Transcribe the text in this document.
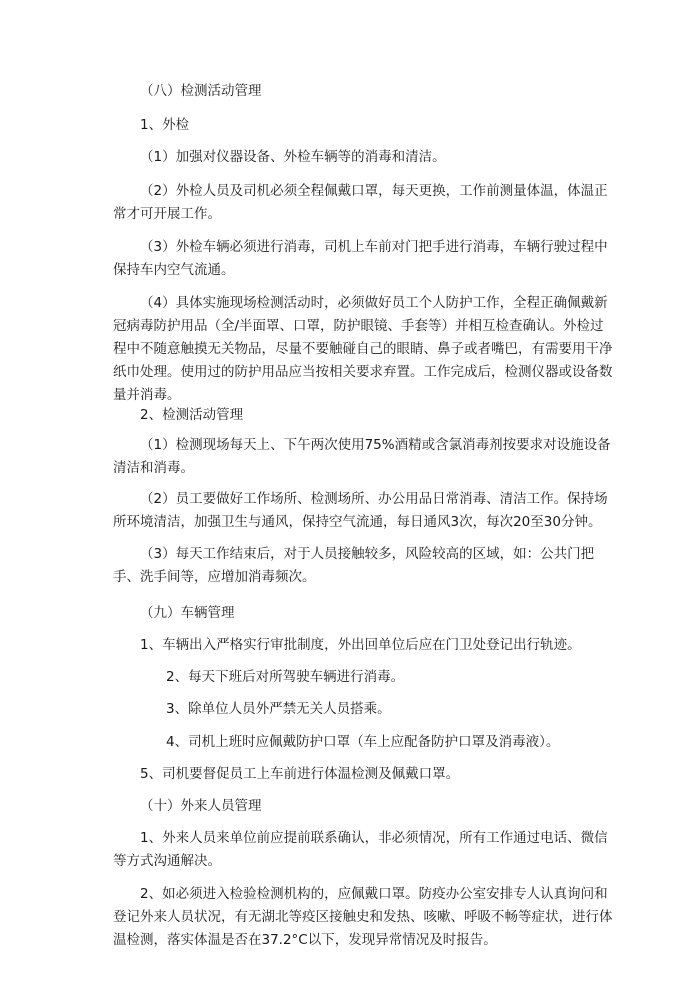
（八）检测活动管理
1、外检

（1）加强对仪器设备、外检车辆等的消毒和清洁。

（2）外检人员及司机必须全程佩戴口罩，每天更换，工作前测量体温，体温正常才可开展工作。

（3）外检车辆必须进行消毒，司机上车前对门把手进行消毒，车辆行驶过程中保持车内空气流通。

（4）具体实施现场检测活动时，必须做好员工个人防护工作，全程正确佩戴新冠病毒防护用品（全/半面罩、口罩，防护眼镜、手套等）并相互检查确认。外检过程中不随意触摸无关物品，尽量不要触碰自己的眼睛、鼻子或者嘴巴，有需要用干净纸巾处理。使用过的防护用品应当按相关要求弃置。工作完成后，检测仪器或设备数量并消毒。

2、检测活动管理

（1）检测现场每天上、下午两次使用75%酒精或含氯消毒剂按要求对设施设备清洁和消毒。

（2）员工要做好工作场所、检测场所、办公用品日常消毒、清洁工作。保持场所环境清洁，加强卫生与通风，保持空气流通，每日通风3次，每次20至30分钟。

（3）每天工作结束后，对于人员接触较多，风险较高的区域，如：公共门把手、洗手间等，应增加消毒频次。

（九）车辆管理
1、车辆出入严格实行审批制度，外出回单位后应在门卫处登记出行轨迹。
2、每天下班后对所驾驶车辆进行消毒。
3、除单位人员外严禁无关人员搭乘。
4、司机上班时应佩戴防护口罩（车上应配备防护口罩及消毒液）。
5、司机要督促员工上车前进行体温检测及佩戴口罩。
（十）外来人员管理

1、外来人员来单位前应提前联系确认，非必须情况，所有工作通过电话、微信等方式沟通解决。

2、如必须进入检验检测机构的，应佩戴口罩。防疫办公室安排专人认真询问和登记外来人员状况，有无湖北等疫区接触史和发热、咳嗽、呼吸不畅等症状，进行体温检测，落实体温是否在37.2°C以下，发现异常情况及时报告。
